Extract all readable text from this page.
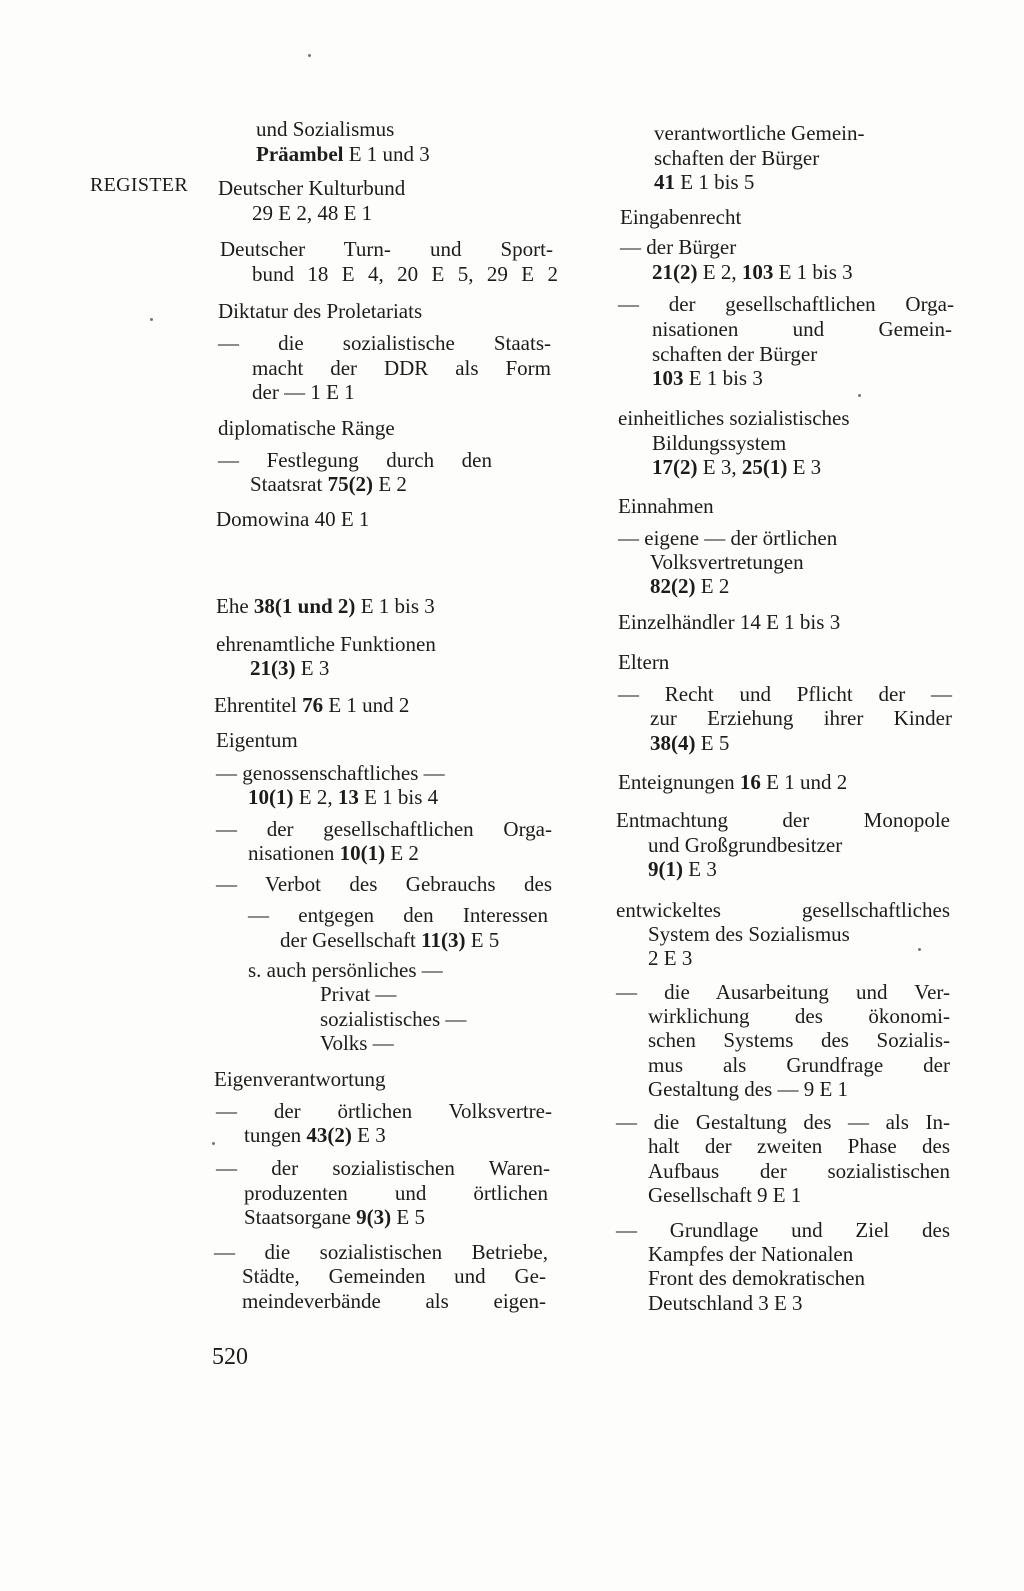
REGISTER
und Sozialismus
Präambel E 1 und 3
Deutscher Kulturbund
29 E 2, 48 E 1
Deutscher Turn- und Sport-
bund 18 E 4, 20 E 5, 29 E 2
Diktatur des Proletariats
— die sozialistische Staats-
macht der DDR als Form
der — 1 E 1
diplomatische Ränge
— Festlegung durch den
Staatsrat 75(2) E 2
Domowina 40 E 1
Ehe 38(1 und 2) E 1 bis 3
ehrenamtliche Funktionen
21(3) E 3
Ehrentitel 76 E 1 und 2
Eigentum
— genossenschaftliches —
10(1) E 2, 13 E 1 bis 4
— der gesellschaftlichen Orga-
nisationen 10(1) E 2
— Verbot des Gebrauchs des
— entgegen den Interessen
der Gesellschaft 11(3) E 5
s. auch persönliches —
Privat —
sozialistisches —
Volks —
Eigenverantwortung
— der örtlichen Volksvertre-
tungen 43(2) E 3
— der sozialistischen Waren-
produzenten und örtlichen
Staatsorgane 9(3) E 5
— die sozialistischen Betriebe,
Städte, Gemeinden und Ge-
meindeverbände als eigen-
verantwortliche Gemein-
schaften der Bürger
41 E 1 bis 5
Eingabenrecht
— der Bürger
21(2) E 2, 103 E 1 bis 3
— der gesellschaftlichen Orga-
nisationen und Gemein-
schaften der Bürger
103 E 1 bis 3
einheitliches sozialistisches
Bildungssystem
17(2) E 3, 25(1) E 3
Einnahmen
— eigene — der örtlichen
Volksvertretungen
82(2) E 2
Einzelhändler 14 E 1 bis 3
Eltern
— Recht und Pflicht der —
zur Erziehung ihrer Kinder
38(4) E 5
Enteignungen 16 E 1 und 2
Entmachtung der Monopole
und Großgrundbesitzer
9(1) E 3
entwickeltes gesellschaftliches
System des Sozialismus
2 E 3
— die Ausarbeitung und Ver-
wirklichung des ökonomi-
schen Systems des Sozialis-
mus als Grundfrage der
Gestaltung des — 9 E 1
— die Gestaltung des — als In-
halt der zweiten Phase des
Aufbaus der sozialistischen
Gesellschaft 9 E 1
— Grundlage und Ziel des
Kampfes der Nationalen
Front des demokratischen
Deutschland 3 E 3
520
